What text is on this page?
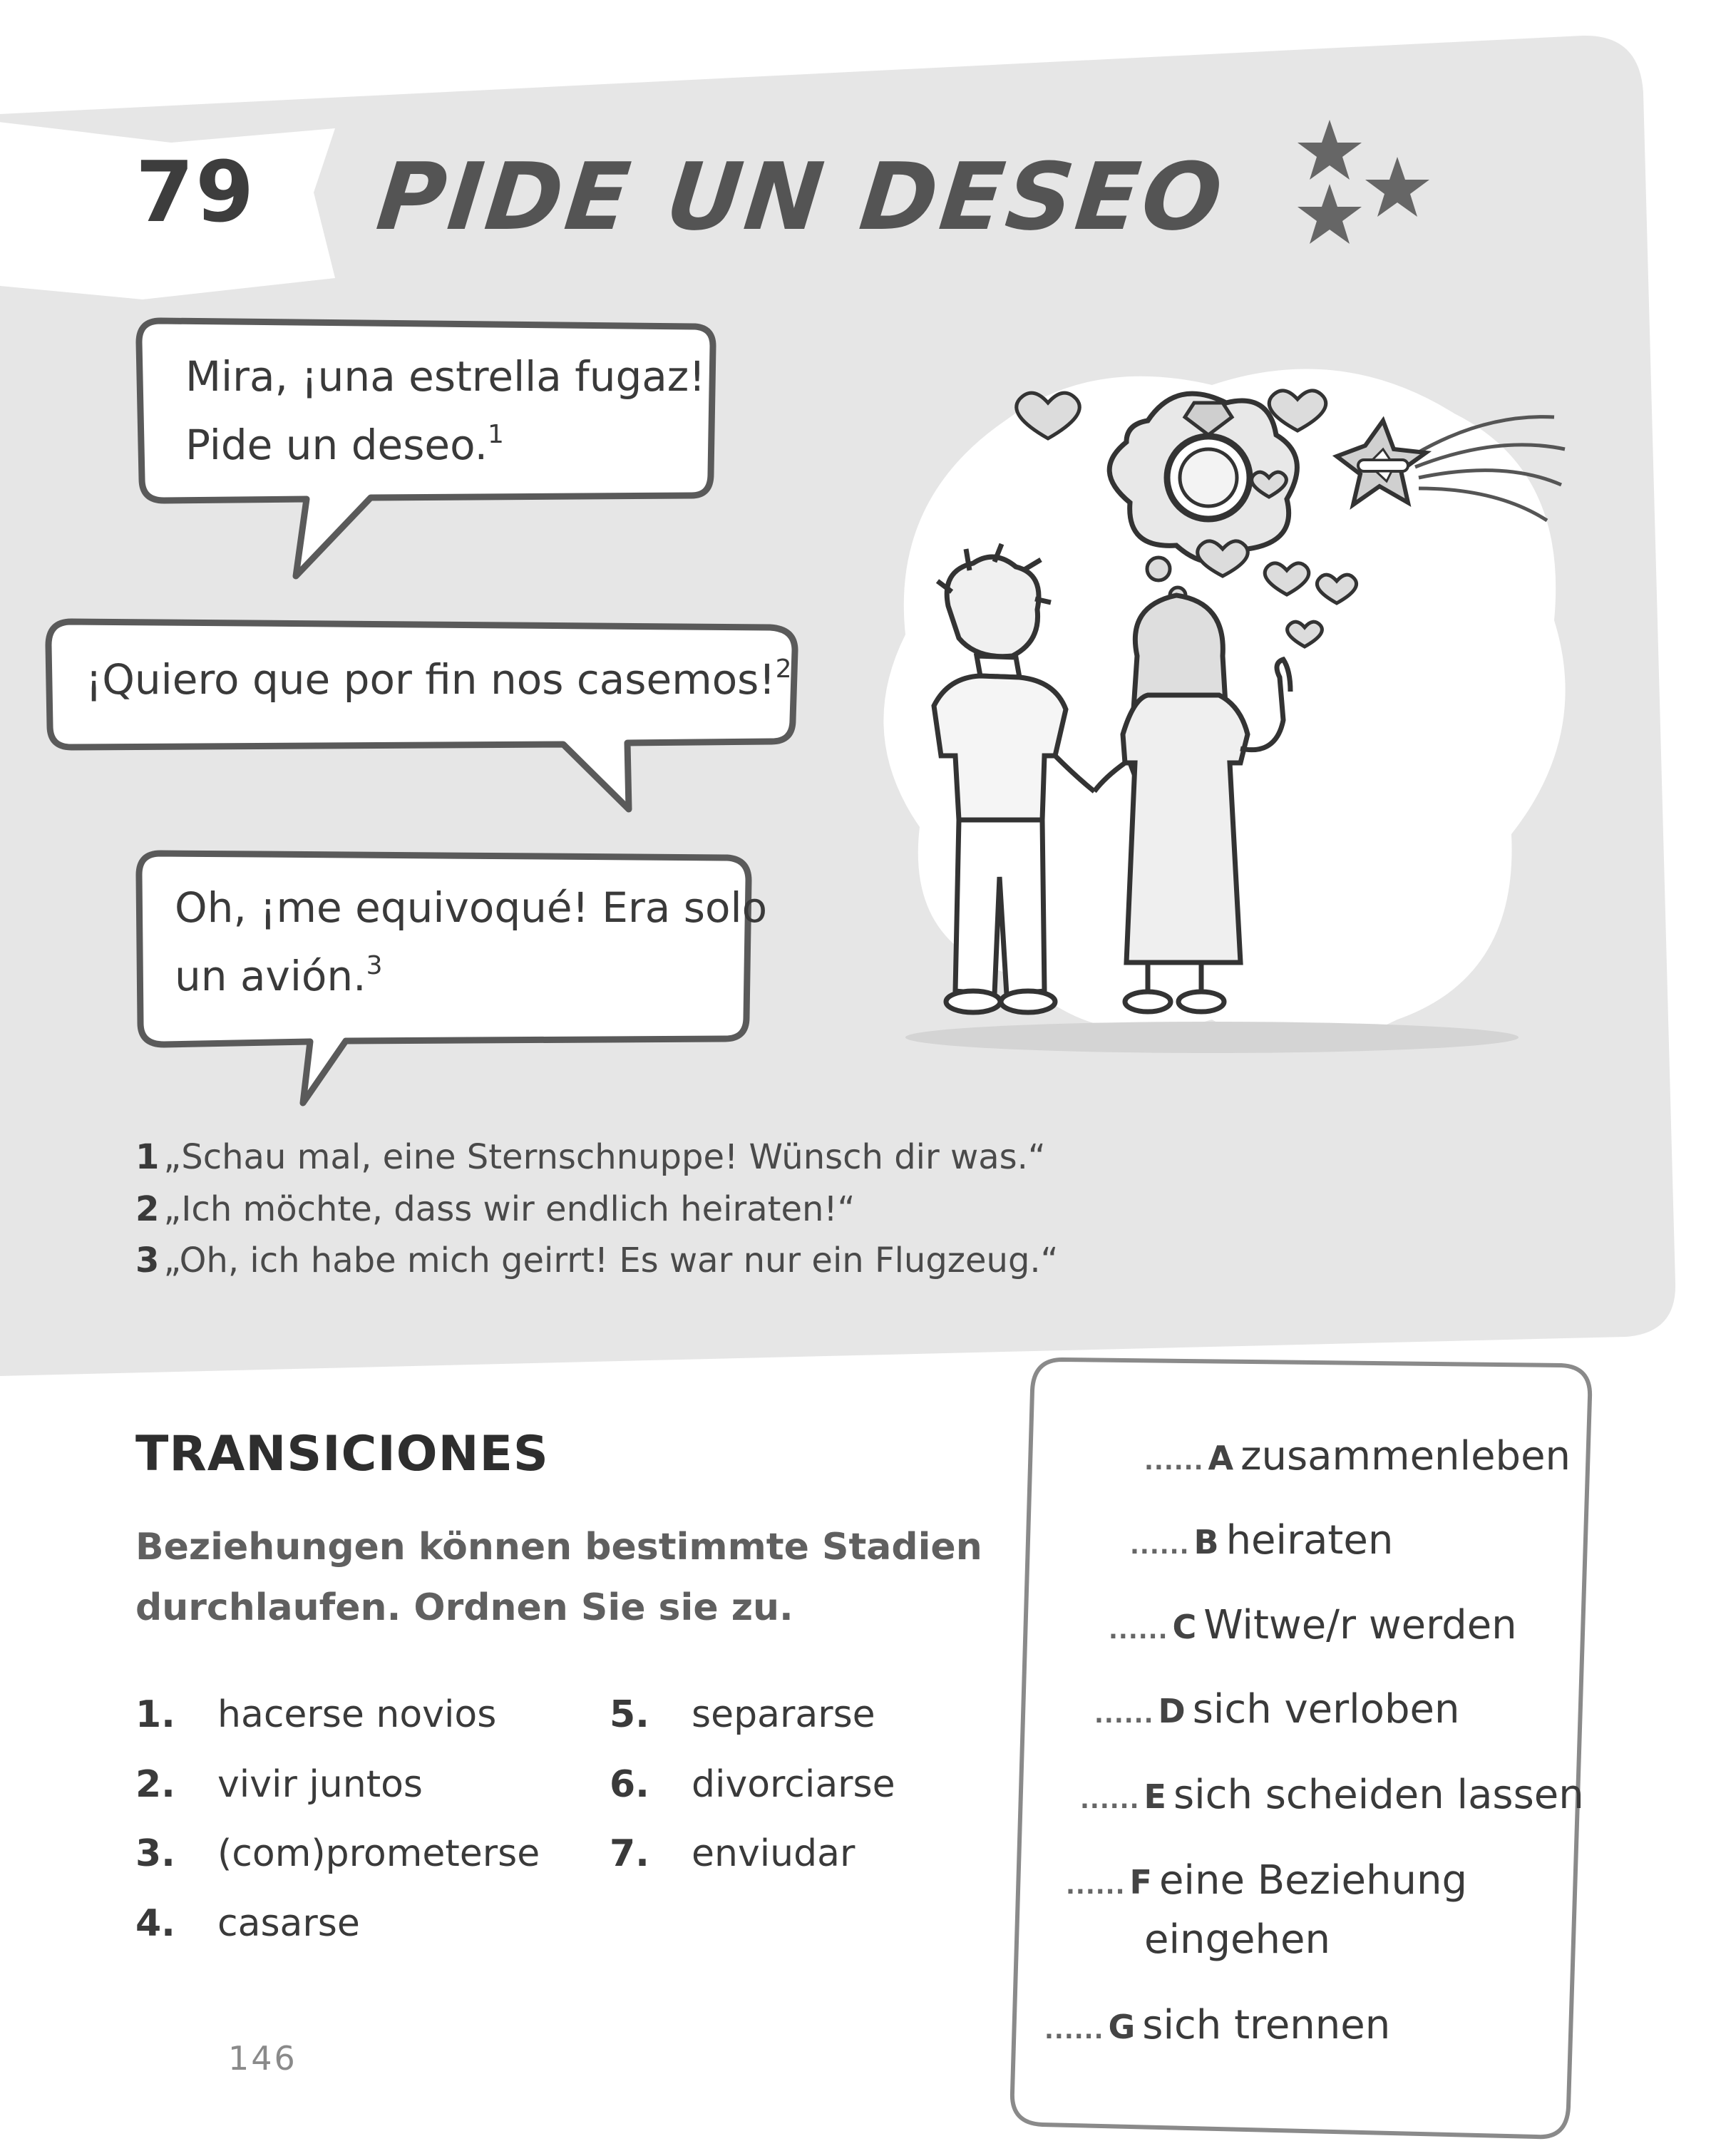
79 PIDE UN DESEO
Mira, ¡una estrella fugaz!
Pide un deseo.$^1$
¡Quiero que por fin nos casemos!$^2$
Oh, ¡me equivoqué! Era solo
un avión.$^3$
1 „Schau mal, eine Sternschnuppe! Wünsch dir was.“
2 „Ich möchte, dass wir endlich heiraten!“
3 „Oh, ich habe mich geirrt! Es war nur ein Flugzeug.“
TRANSICIONES
Beziehungen können bestimmte Stadien
durchlaufen. Ordnen Sie sie zu.
1. hacerse novios
2. vivir juntos
3. (com)prometerse
4. casarse
5. separarse
6. divorciarse
7. enviudar
...... A zusammenleben
...... B heiraten
...... C Witwe/r werden
...... D sich verloben
...... E sich scheiden lassen
...... F eine Beziehung
eingehen
...... G sich trennen
146
